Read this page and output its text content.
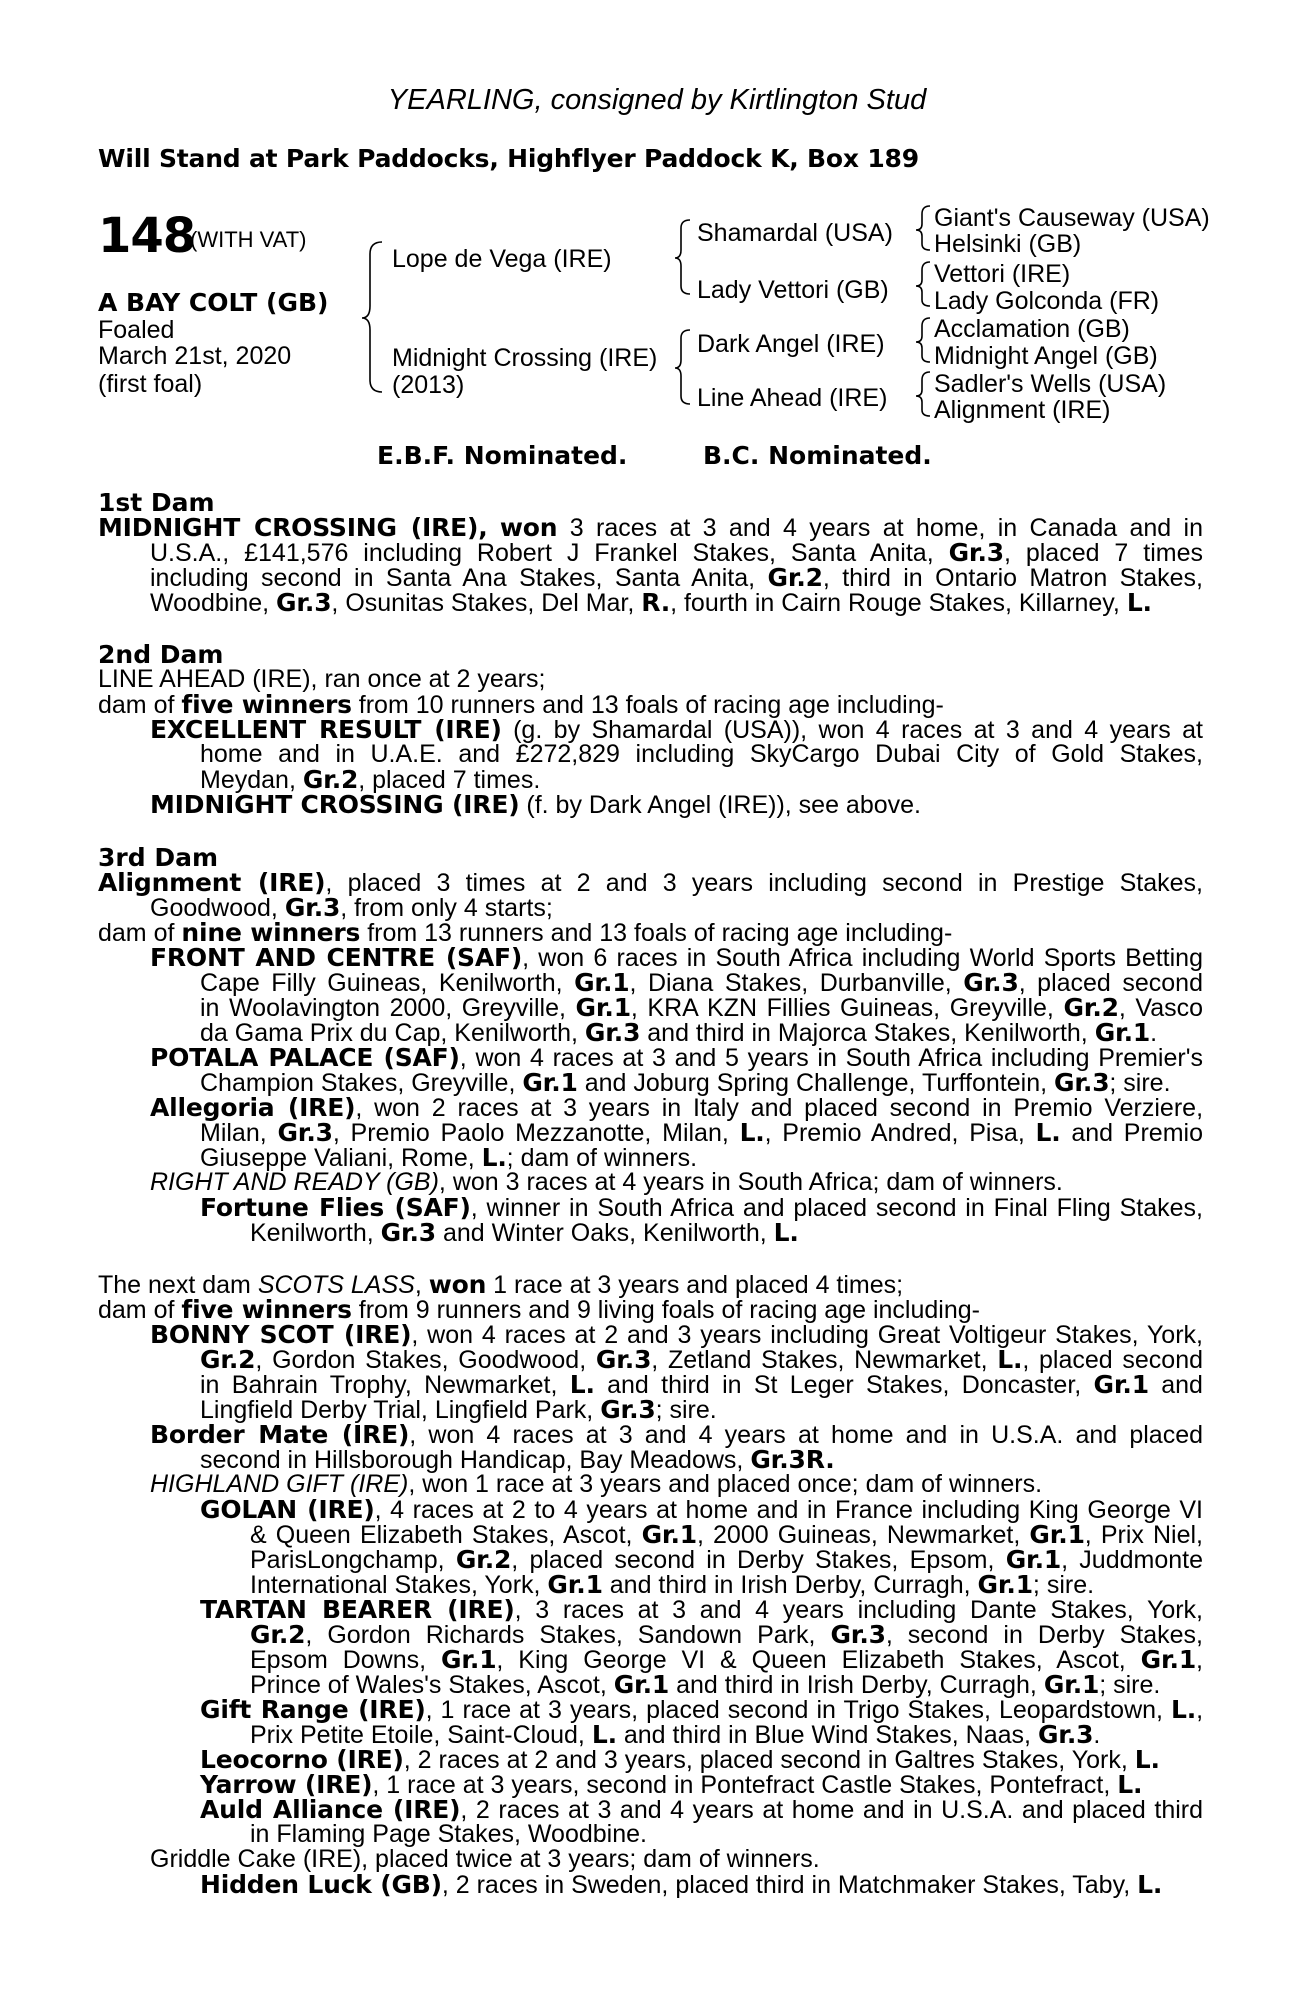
YEARLING, consigned by Kirtlington Stud
Will Stand at Park Paddocks, Highflyer Paddock K, Box 189
148
(WITH VAT)
A BAY COLT (GB)
Foaled
March 21st, 2020
(first foal)
Lope de Vega (IRE)
Midnight Crossing (IRE)
(2013)
Shamardal (USA)
Lady Vettori (GB)
Dark Angel (IRE)
Line Ahead (IRE)
Giant's Causeway (USA)
Helsinki (GB)
Vettori (IRE)
Lady Golconda (FR)
Acclamation (GB)
Midnight Angel (GB)
Sadler's Wells (USA)
Alignment (IRE)
E.B.F. Nominated.	B.C. Nominated.
1st Dam
MIDNIGHT CROSSING (IRE), won 3 races at 3 and 4 years at home, in Canada and in
U.S.A., £141,576 including Robert J Frankel Stakes, Santa Anita, Gr.3, placed 7 times
including second in Santa Ana Stakes, Santa Anita, Gr.2, third in Ontario Matron Stakes,
Woodbine, Gr.3, Osunitas Stakes, Del Mar, R., fourth in Cairn Rouge Stakes, Killarney, L.
2nd Dam
LINE AHEAD (IRE), ran once at 2 years;
dam of five winners from 10 runners and 13 foals of racing age including-
EXCELLENT RESULT (IRE) (g. by Shamardal (USA)), won 4 races at 3 and 4 years at
home and in U.A.E. and £272,829 including SkyCargo Dubai City of Gold Stakes,
Meydan, Gr.2, placed 7 times.
MIDNIGHT CROSSING (IRE) (f. by Dark Angel (IRE)), see above.
3rd Dam
Alignment (IRE), placed 3 times at 2 and 3 years including second in Prestige Stakes,
Goodwood, Gr.3, from only 4 starts;
dam of nine winners from 13 runners and 13 foals of racing age including-
FRONT AND CENTRE (SAF), won 6 races in South Africa including World Sports Betting
Cape Filly Guineas, Kenilworth, Gr.1, Diana Stakes, Durbanville, Gr.3, placed second
in Woolavington 2000, Greyville, Gr.1, KRA KZN Fillies Guineas, Greyville, Gr.2, Vasco
da Gama Prix du Cap, Kenilworth, Gr.3 and third in Majorca Stakes, Kenilworth, Gr.1.
POTALA PALACE (SAF), won 4 races at 3 and 5 years in South Africa including Premier's
Champion Stakes, Greyville, Gr.1 and Joburg Spring Challenge, Turffontein, Gr.3; sire.
Allegoria (IRE), won 2 races at 3 years in Italy and placed second in Premio Verziere,
Milan, Gr.3, Premio Paolo Mezzanotte, Milan, L., Premio Andred, Pisa, L. and Premio
Giuseppe Valiani, Rome, L.; dam of winners.
RIGHT AND READY (GB), won 3 races at 4 years in South Africa; dam of winners.
Fortune Flies (SAF), winner in South Africa and placed second in Final Fling Stakes,
Kenilworth, Gr.3 and Winter Oaks, Kenilworth, L.
The next dam SCOTS LASS, won 1 race at 3 years and placed 4 times;
dam of five winners from 9 runners and 9 living foals of racing age including-
BONNY SCOT (IRE), won 4 races at 2 and 3 years including Great Voltigeur Stakes, York,
Gr.2, Gordon Stakes, Goodwood, Gr.3, Zetland Stakes, Newmarket, L., placed second
in Bahrain Trophy, Newmarket, L. and third in St Leger Stakes, Doncaster, Gr.1 and
Lingfield Derby Trial, Lingfield Park, Gr.3; sire.
Border Mate (IRE), won 4 races at 3 and 4 years at home and in U.S.A. and placed
second in Hillsborough Handicap, Bay Meadows, Gr.3R.
HIGHLAND GIFT (IRE), won 1 race at 3 years and placed once; dam of winners.
GOLAN (IRE), 4 races at 2 to 4 years at home and in France including King George VI
& Queen Elizabeth Stakes, Ascot, Gr.1, 2000 Guineas, Newmarket, Gr.1, Prix Niel,
ParisLongchamp, Gr.2, placed second in Derby Stakes, Epsom, Gr.1, Juddmonte
International Stakes, York, Gr.1 and third in Irish Derby, Curragh, Gr.1; sire.
TARTAN BEARER (IRE), 3 races at 3 and 4 years including Dante Stakes, York,
Gr.2, Gordon Richards Stakes, Sandown Park, Gr.3, second in Derby Stakes,
Epsom Downs, Gr.1, King George VI & Queen Elizabeth Stakes, Ascot, Gr.1,
Prince of Wales's Stakes, Ascot, Gr.1 and third in Irish Derby, Curragh, Gr.1; sire.
Gift Range (IRE), 1 race at 3 years, placed second in Trigo Stakes, Leopardstown, L.,
Prix Petite Etoile, Saint-Cloud, L. and third in Blue Wind Stakes, Naas, Gr.3.
Leocorno (IRE), 2 races at 2 and 3 years, placed second in Galtres Stakes, York, L.
Yarrow (IRE), 1 race at 3 years, second in Pontefract Castle Stakes, Pontefract, L.
Auld Alliance (IRE), 2 races at 3 and 4 years at home and in U.S.A. and placed third
in Flaming Page Stakes, Woodbine.
Griddle Cake (IRE), placed twice at 3 years; dam of winners.
Hidden Luck (GB), 2 races in Sweden, placed third in Matchmaker Stakes, Taby, L.
